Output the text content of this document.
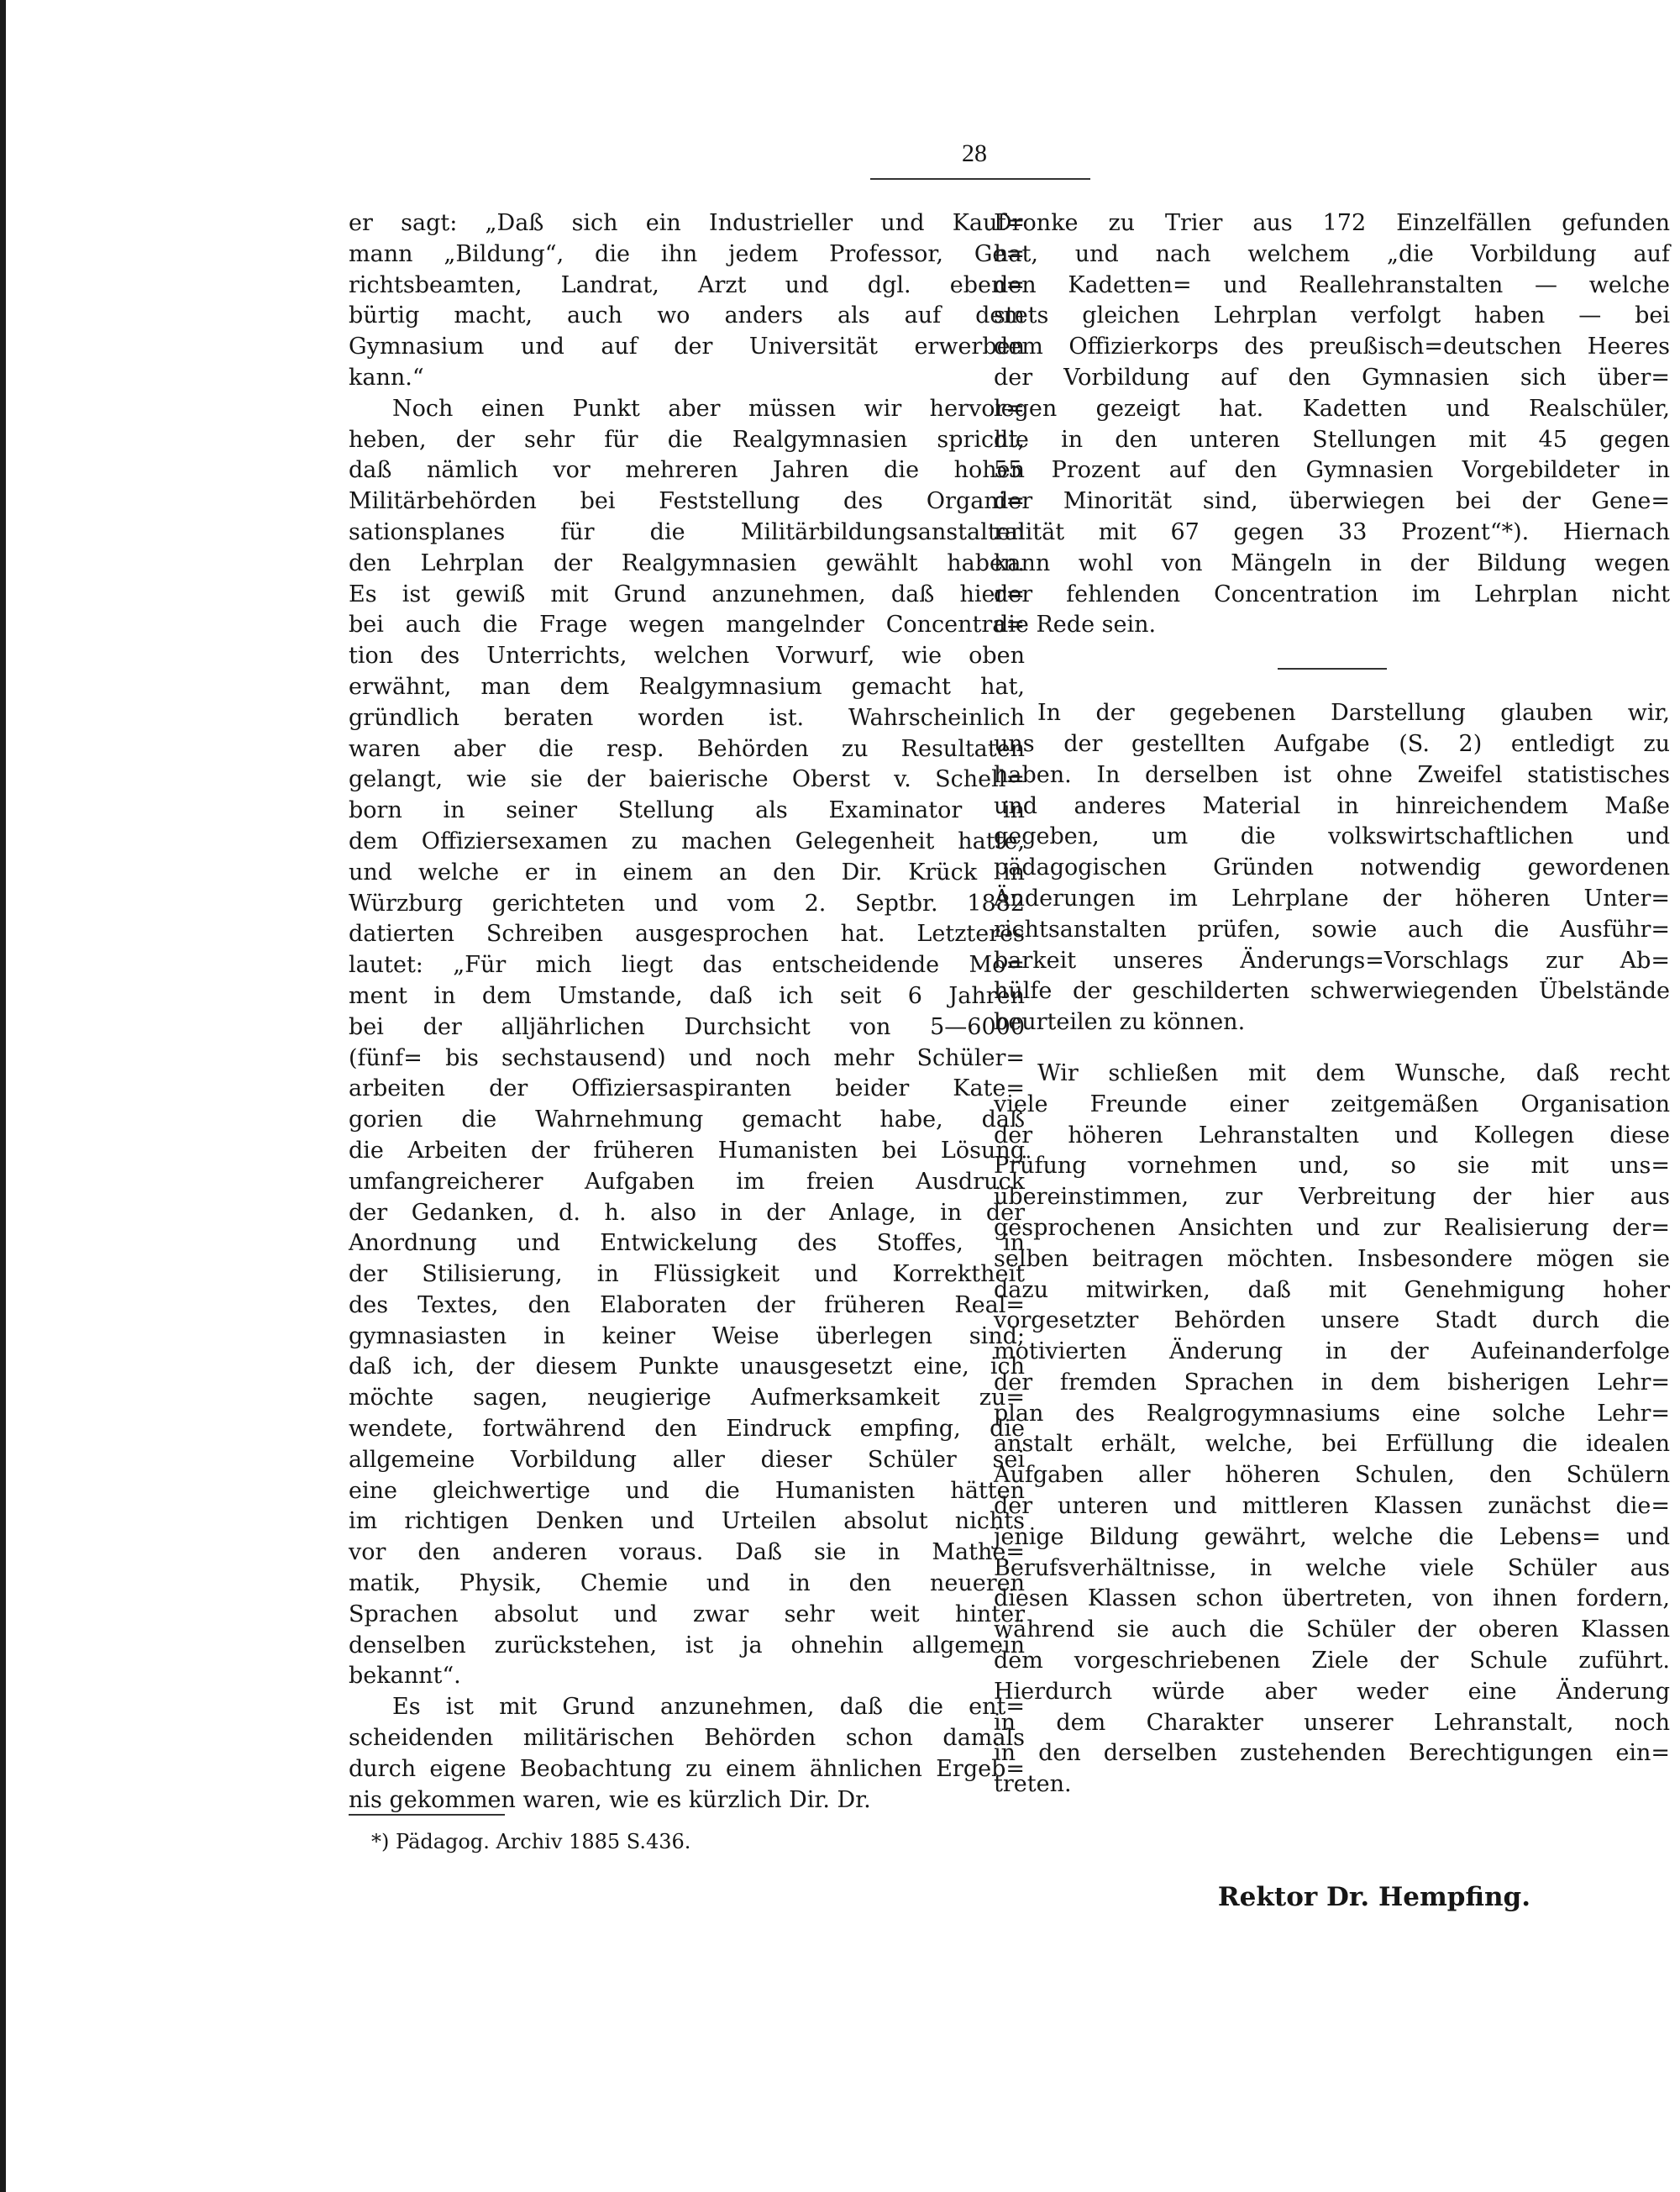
28
er sagt: „Daß sich ein Industrieller und Kauf=
mann „Bildung“, die ihn jedem Professor, Ge=
richtsbeamten, Landrat, Arzt und dgl. eben=
bürtig macht, auch wo anders als auf dem
Gymnasium und auf der Universität erwerben
kann.“
Noch einen Punkt aber müssen wir hervor=
heben, der sehr für die Realgymnasien spricht,
daß nämlich vor mehreren Jahren die hohen
Militärbehörden bei Feststellung des Organi=
sationsplanes für die Militärbildungsanstalten
den Lehrplan der Realgymnasien gewählt haben.
Es ist gewiß mit Grund anzunehmen, daß hier=
bei auch die Frage wegen mangelnder Concentra=
tion des Unterrichts, welchen Vorwurf, wie oben
erwähnt, man dem Realgymnasium gemacht hat,
gründlich beraten worden ist. Wahrscheinlich
waren aber die resp. Behörden zu Resultaten
gelangt, wie sie der baierische Oberst v. Schell=
born in seiner Stellung als Examinator in
dem Offiziersexamen zu machen Gelegenheit hatte,
und welche er in einem an den Dir. Krück in
Würzburg gerichteten und vom 2. Septbr. 1882
datierten Schreiben ausgesprochen hat. Letzteres
lautet: „Für mich liegt das entscheidende Mo=
ment in dem Umstande, daß ich seit 6 Jahren
bei der alljährlichen Durchsicht von 5—6000
(fünf= bis sechstausend) und noch mehr Schüler=
arbeiten der Offiziersaspiranten beider Kate=
gorien die Wahrnehmung gemacht habe, daß
die Arbeiten der früheren Humanisten bei Lösung
umfangreicherer Aufgaben im freien Ausdruck
der Gedanken, d. h. also in der Anlage, in der
Anordnung und Entwickelung des Stoffes, in
der Stilisierung, in Flüssigkeit und Korrektheit
des Textes, den Elaboraten der früheren Real=
gymnasiasten in keiner Weise überlegen sind;
daß ich, der diesem Punkte unausgesetzt eine, ich
möchte sagen, neugierige Aufmerksamkeit zu=
wendete, fortwährend den Eindruck empfing, die
allgemeine Vorbildung aller dieser Schüler sei
eine gleichwertige und die Humanisten hätten
im richtigen Denken und Urteilen absolut nichts
vor den anderen voraus. Daß sie in Mathe=
matik, Physik, Chemie und in den neueren
Sprachen absolut und zwar sehr weit hinter
denselben zurückstehen, ist ja ohnehin allgemein
bekannt“.
Es ist mit Grund anzunehmen, daß die ent=
scheidenden militärischen Behörden schon damals
durch eigene Beobachtung zu einem ähnlichen Ergeb=
nis gekommen waren, wie es kürzlich Dir. Dr.
Dronke zu Trier aus 172 Einzelfällen gefunden
hat, und nach welchem „die Vorbildung auf
den Kadetten= und Reallehranstalten — welche
stets gleichen Lehrplan verfolgt haben — bei
dem Offizierkorps des preußisch=deutschen Heeres
der Vorbildung auf den Gymnasien sich über=
legen gezeigt hat. Kadetten und Realschüler,
die in den unteren Stellungen mit 45 gegen
55 Prozent auf den Gymnasien Vorgebildeter in
der Minorität sind, überwiegen bei der Gene=
ralität mit 67 gegen 33 Prozent“*). Hiernach
kann wohl von Mängeln in der Bildung wegen
der fehlenden Concentration im Lehrplan nicht
die Rede sein.
In der gegebenen Darstellung glauben wir,
uns der gestellten Aufgabe (S. 2) entledigt zu
haben. In derselben ist ohne Zweifel statistisches
und anderes Material in hinreichendem Maße
gegeben, um die volkswirtschaftlichen und
pädagogischen Gründen notwendig gewordenen
Änderungen im Lehrplane der höheren Unter=
richtsanstalten prüfen, sowie auch die Ausführ=
barkeit unseres Änderungs=Vorschlags zur Ab=
hülfe der geschilderten schwerwiegenden Übelstände
beurteilen zu können.
Wir schließen mit dem Wunsche, daß recht
viele Freunde einer zeitgemäßen Organisation
der höheren Lehranstalten und Kollegen diese
Prüfung vornehmen und, so sie mit uns=
übereinstimmen, zur Verbreitung der hier aus
gesprochenen Ansichten und zur Realisierung der=
selben beitragen möchten. Insbesondere mögen sie
dazu mitwirken, daß mit Genehmigung hoher
vorgesetzter Behörden unsere Stadt durch die
motivierten Änderung in der Aufeinanderfolge
der fremden Sprachen in dem bisherigen Lehr=
plan des Realgrogymnasiums eine solche Lehr=
anstalt erhält, welche, bei Erfüllung die idealen
Aufgaben aller höheren Schulen, den Schülern
der unteren und mittleren Klassen zunächst die=
jenige Bildung gewährt, welche die Lebens= und
Berufsverhältnisse, in welche viele Schüler aus
diesen Klassen schon übertreten, von ihnen fordern,
während sie auch die Schüler der oberen Klassen
dem vorgeschriebenen Ziele der Schule zuführt.
Hierdurch würde aber weder eine Änderung
in dem Charakter unserer Lehranstalt, noch
in den derselben zustehenden Berechtigungen ein=
treten.
*) Pädagog. Archiv 1885 S.436.
Rektor Dr. Hempfing.
